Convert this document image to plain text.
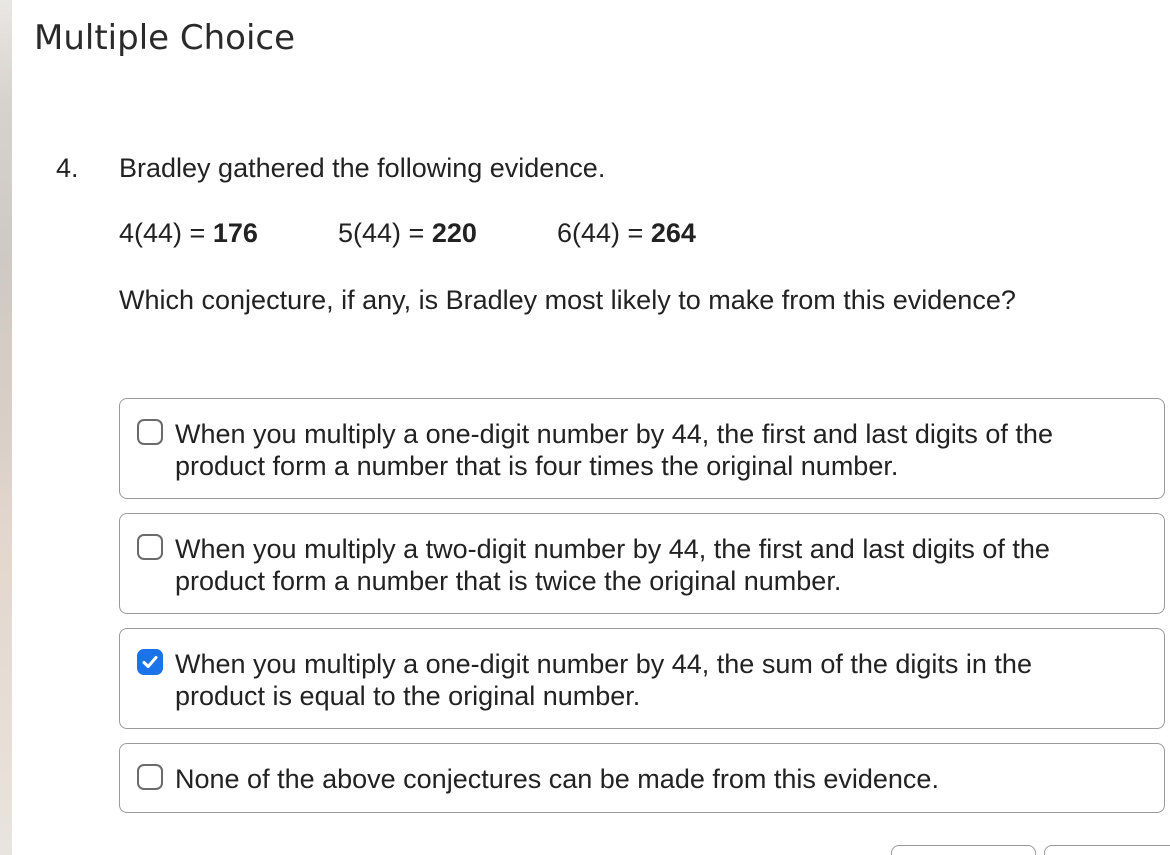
Multiple Choice
4. Bradley gathered the following evidence.
4(44) = 176	5(44) = 220	6(44) = 264
Which conjecture, if any, is Bradley most likely to make from this evidence?
When you multiply a one-digit number by 44, the first and last digits of the product form a number that is four times the original number.
When you multiply a two-digit number by 44, the first and last digits of the product form a number that is twice the original number.
When you multiply a one-digit number by 44, the sum of the digits in the product is equal to the original number.
None of the above conjectures can be made from this evidence.
